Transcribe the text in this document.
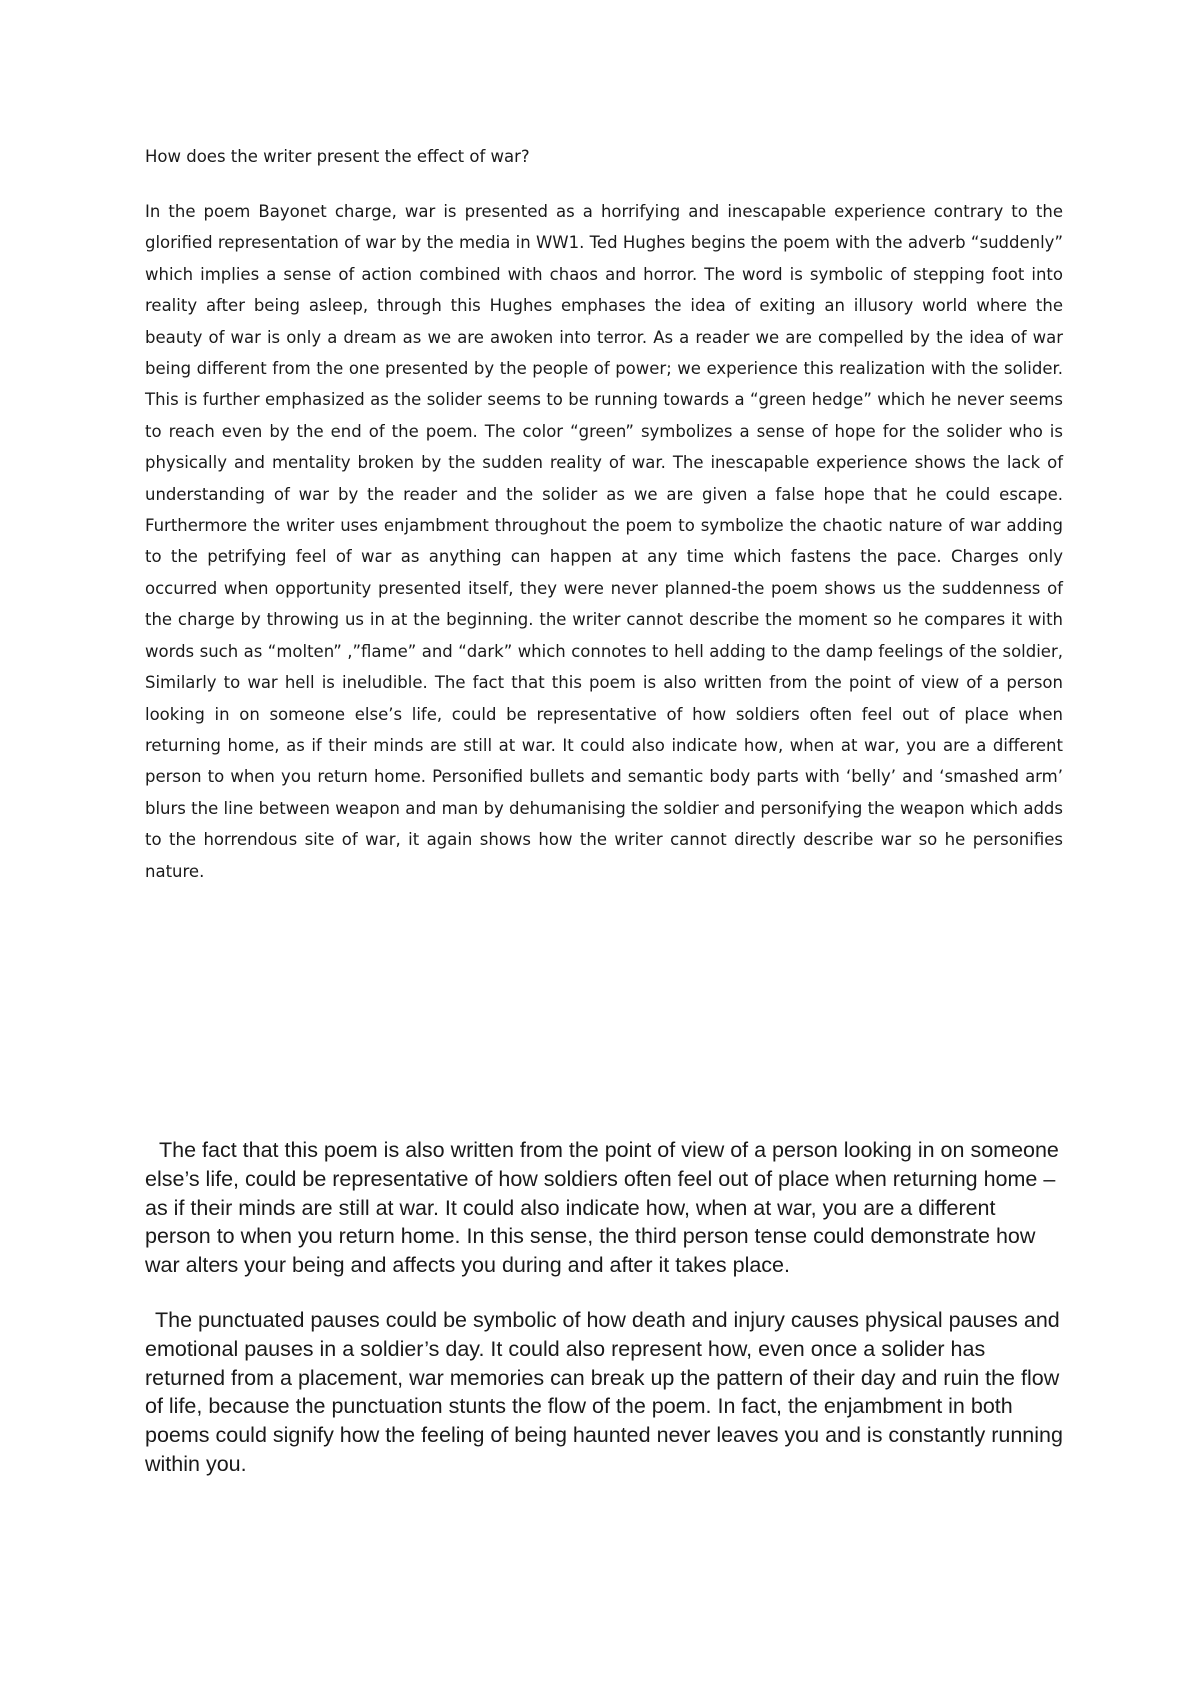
How does the writer present the effect of war?

In the poem Bayonet charge, war is presented as a horrifying and inescapable experience contrary to the glorified representation of war by the media in WW1. Ted Hughes begins the poem with the adverb “suddenly” which implies a sense of action combined with chaos and horror. The word is symbolic of stepping foot into reality after being asleep, through this Hughes emphases the idea of exiting an illusory world where the beauty of war is only a dream as we are awoken into terror. As a reader we are compelled by the idea of war being different from the one presented by the people of power; we experience this realization with the solider. This is further emphasized as the solider seems to be running towards a “green hedge” which he never seems to reach even by the end of the poem. The color “green” symbolizes a sense of hope for the solider who is physically and mentality broken by the sudden reality of war. The inescapable experience shows the lack of understanding of war by the reader and the solider as we are given a false hope that he could escape. Furthermore the writer uses enjambment throughout the poem to symbolize the chaotic nature of war adding to the petrifying feel of war as anything can happen at any time which fastens the pace. Charges only occurred when opportunity presented itself, they were never planned-the poem shows us the suddenness of the charge by throwing us in at the beginning. the writer cannot describe the moment so he compares it with words such as “molten” ,”flame” and “dark” which connotes to hell adding to the damp feelings of the soldier, Similarly to war hell is ineludible. The fact that this poem is also written from the point of view of a person looking in on someone else’s life, could be representative of how soldiers often feel out of place when returning home, as if their minds are still at war. It could also indicate how, when at war, you are a different person to when you return home. Personified bullets and semantic body parts with ‘belly’ and ‘smashed arm’ blurs the line between weapon and man by dehumanising the soldier and personifying the weapon which adds to the horrendous site of war, it again shows how the writer cannot directly describe war so he personifies nature.

The fact that this poem is also written from the point of view of a person looking in on someone else’s life, could be representative of how soldiers often feel out of place when returning home – as if their minds are still at war. It could also indicate how, when at war, you are a different person to when you return home. In this sense, the third person tense could demonstrate how war alters your being and affects you during and after it takes place.

The punctuated pauses could be symbolic of how death and injury causes physical pauses and emotional pauses in a soldier’s day. It could also represent how, even once a solider has returned from a placement, war memories can break up the pattern of their day and ruin the flow of life, because the punctuation stunts the flow of the poem. In fact, the enjambment in both poems could signify how the feeling of being haunted never leaves you and is constantly running within you.
